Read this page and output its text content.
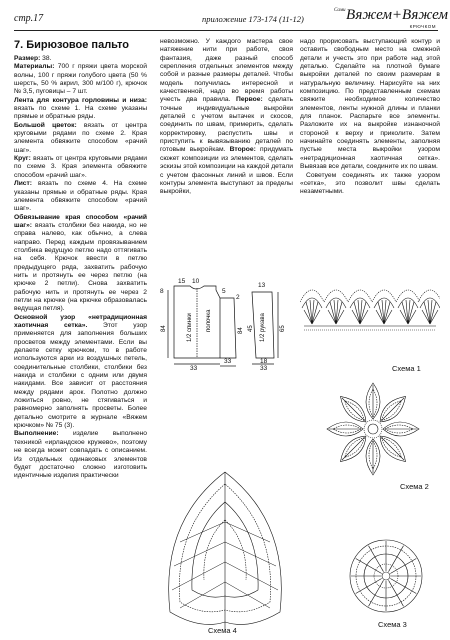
стр.17	приложение 173-174 (11-12)
Сами Вяжем+Вяжем
КРЮЧКОМ

7. Бирюзовое пальто

Размер: 38.

Материалы: 700 г пряжи цвета морской волны, 100 г пряжи голубого цвета (50 % шерсть, 50 % акрил, 300 м/100 г), крючок № 3,5, пуговицы – 7 шт.

Лента для контура горловины и низа: вязать по схеме 1. На схеме указаны прямые и обратные ряды.

Большой цветок: вязать от центра круговыми рядами по схеме 2. Края элемента обвяжите способом «рачий шаг».

Круг: вязать от центра круговыми рядами по схеме 3. Края элемента обвяжите способом «рачий шаг».

Лист: вязать по схеме 4. На схеме указаны прямые и обратные ряды. Края элемента обвяжите способом «рачий шаг».

Обвязывание края способом «рачий шаг»: вязать столбики без накида, но не справа налево, как обычно, а слева направо. Перед каждым провязыванием столбика ведущую петлю надо оттягивать на себя. Крючок ввести в петлю предыдущего ряда, захватить рабочую нить и протянуть ее через петлю (на крючке 2 петли). Снова захватить рабочую нить и протянуть ее через 2 петли на крючке (на крючке образовалась ведущая петля).

Основной узор «нетрадиционная хаотичная сетка». Этот узор применяется для заполнения больших просветов между элементами. Если вы делаете сетку крючком, то в работе используются арки из воздушных петель, соединительные столбики, столбики без накида и столбики с одним или двумя накидами. Все зависит от расстояния между рядами арок. Полотно должно ложиться ровно, не стягиваться и равномерно заполнять просветы. Более детально смотрите в журнале «Вяжем крючком» № 75 (3).

Выполнение: изделие выполнено техникой «ирландское кружево», поэтому не всегда может совпадать с описанием. Из отдельных одинаковых элементов будет достаточно сложно изготовить идентичные изделия практически

невозможно. У каждого мастера свое натяжение нити при работе, своя фантазия, даже разный способ скрепления отдельных элементов между собой и разные размеры деталей. Чтобы модель получилась интересной и качественной, надо во время работы учесть два правила. Первое: сделать точные индивидуальные выкройки деталей с учетом вытачек и скосов, соединить по швам, примерить, сделать корректировку, распустить швы и приступить к вывязыванию деталей по готовым выкройкам. Второе: придумать сюжет композиции из элементов, сделать эскизы этой композиции на каждой детали с учетом фасонных линий и швов. Если контуры элемента выступают за пределы выкройки,

надо прорисовать выступающий контур и оставить свободным место на смежной детали и учесть это при работе над этой деталью. Сделайте на плотной бумаге выкройки деталей по своим размерам в натуральную величину. Нарисуйте на них композицию. По представленным схемам свяжите необходимое количество элементов, ленты нужной длины и планки для планок. Распарьте все элементы. Разложите их на выкройке изнаночной стороной к верху и приколите. Затем начинайте соединять элементы, заполняя пустые места выкройки узором «нетрадиционная хаотичная сетка». Вывязав все детали, соедините их по швам.

Советуем соединять их также узором «сетка», это позволит швы сделать незаметными.

1/2 спинки полочка	1/2 рукава
15 10
8	5
2
13
84	84 45	65
33
33	18
33	Схема 1
Схема 2
Схема 4
Схема 3
